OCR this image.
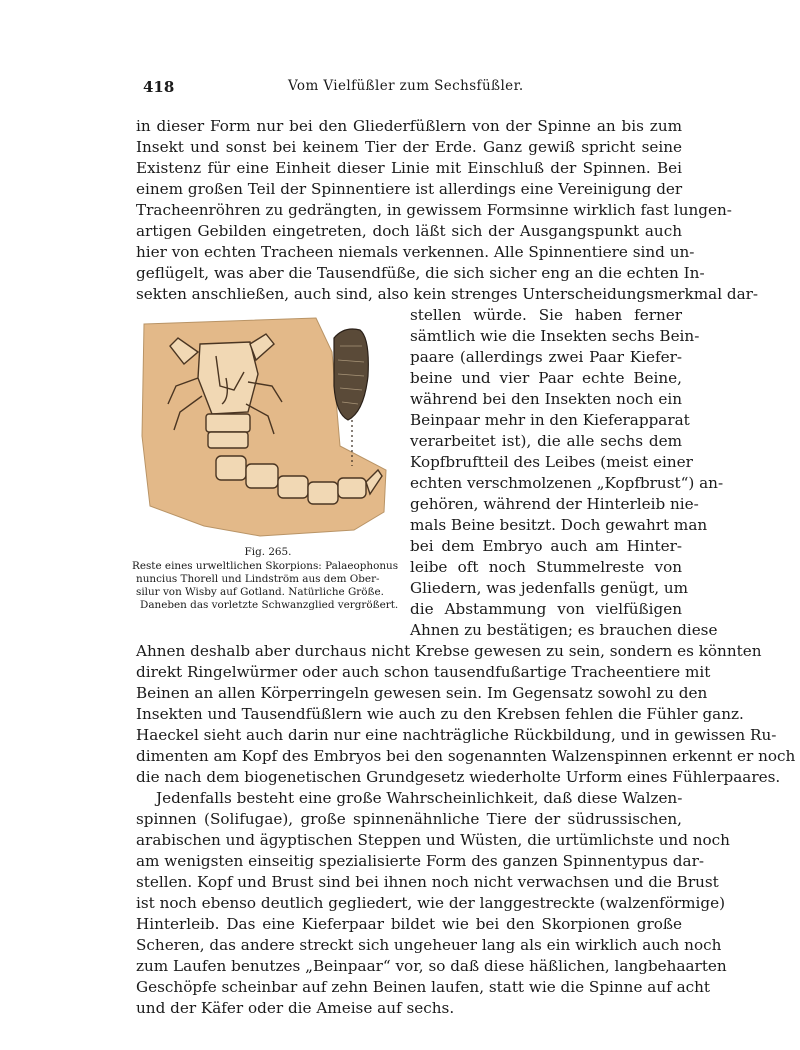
418	Vom Vielfüßler zum Sechsfüßler.
in dieser Form nur bei den Gliederfüßlern von der Spinne an bis zum
Insekt und sonst bei keinem Tier der Erde. Ganz gewiß spricht seine
Existenz für eine Einheit dieser Linie mit Einschluß der Spinnen. Bei
einem großen Teil der Spinnentiere ist allerdings eine Vereinigung der
Tracheenröhren zu gedrängten, in gewissem Formsinne wirklich fast lungen-
artigen Gebilden eingetreten, doch läßt sich der Ausgangspunkt auch
hier von echten Tracheen niemals verkennen. Alle Spinnentiere sind un-
geflügelt, was aber die Tausendfüße, die sich sicher eng an die echten In-
sekten anschließen, auch sind, also kein strenges Unterscheidungsmerkmal dar-
stellen würde. Sie haben ferner
sämtlich wie die Insekten sechs Bein-
paare (allerdings zwei Paar Kiefer-
beine und vier Paar echte Beine,
während bei den Insekten noch ein
Beinpaar mehr in den Kieferapparat
verarbeitet ist), die alle sechs dem
Kopfbruftteil des Leibes (meist einer
echten verschmolzenen „Kopfbrust“) an-
gehören, während der Hinterleib nie-
mals Beine besitzt. Doch gewahrt man
bei dem Embryo auch am Hinter-
leibe oft noch Stummelreste von
Gliedern, was jedenfalls genügt, um
die Abstammung von vielfüßigen
Ahnen zu bestätigen; es brauchen diese
Ahnen deshalb aber durchaus nicht Krebse gewesen zu sein, sondern es könnten
direkt Ringelwürmer oder auch schon tausendfußartige Tracheentiere mit
Beinen an allen Körperringeln gewesen sein. Im Gegensatz sowohl zu den
Insekten und Tausendfüßlern wie auch zu den Krebsen fehlen die Fühler ganz.
Haeckel sieht auch darin nur eine nachträgliche Rückbildung, und in gewissen Ru-
dimenten am Kopf des Embryos bei den sogenannten Walzenspinnen erkennt er noch
die nach dem biogenetischen Grundgesetz wiederholte Urform eines Fühlerpaares.
Jedenfalls besteht eine große Wahrscheinlichkeit, daß diese Walzen-
spinnen (Solifugae), große spinnenähnliche Tiere der südrussischen,
arabischen und ägyptischen Steppen und Wüsten, die urtümlichste und noch
am wenigsten einseitig spezialisierte Form des ganzen Spinnentypus dar-
stellen. Kopf und Brust sind bei ihnen noch nicht verwachsen und die Brust
ist noch ebenso deutlich gegliedert, wie der langgestreckte (walzenförmige)
Hinterleib. Das eine Kieferpaar bildet wie bei den Skorpionen große
Scheren, das andere streckt sich ungeheuer lang als ein wirklich auch noch
zum Laufen benutzes „Beinpaar“ vor, so daß diese häßlichen, langbehaarten
Geschöpfe scheinbar auf zehn Beinen laufen, statt wie die Spinne auf acht
und der Käfer oder die Ameise auf sechs.
Fig. 265.
Reste eines urweltlichen Skorpions: Palaeophonus
nuncius Thorell und Lindström aus dem Ober-
silur von Wisby auf Gotland. Natürliche Größe.
Daneben das vorletzte Schwanzglied vergrößert.
